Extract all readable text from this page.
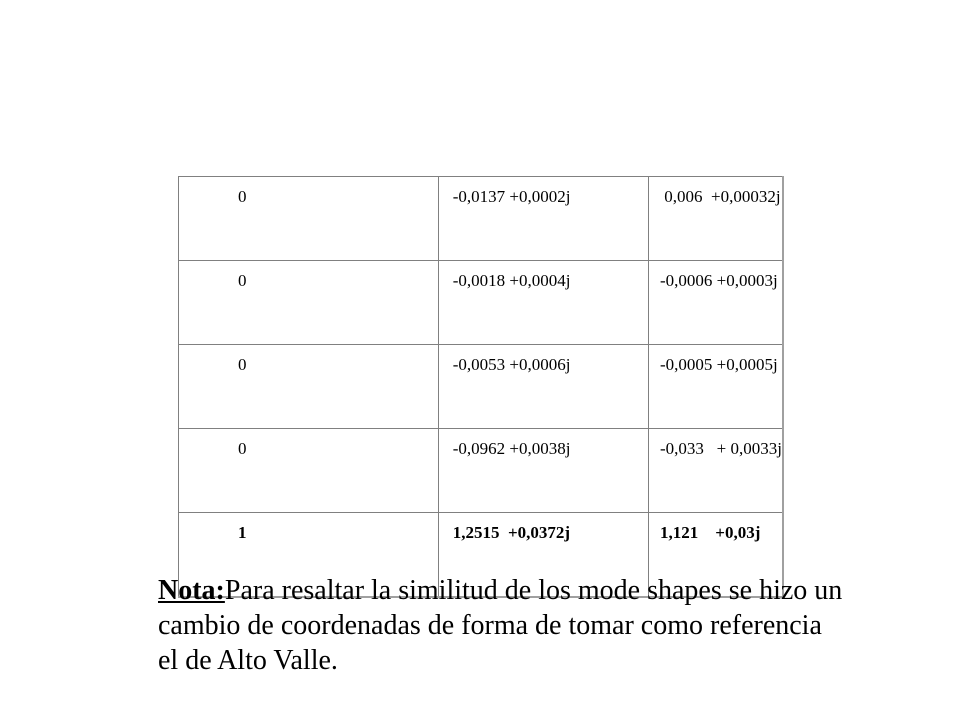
0	-0,0137 +0,0002j	0,006  +0,00032j
0	-0,0018 +0,0004j	-0,0006 +0,0003j
0	-0,0053 +0,0006j	-0,0005 +0,0005j
0	-0,0962 +0,0038j	-0,033   + 0,0033j
1	1,2515  +0,0372j	1,121    +0,03j
Nota:Para resaltar la similitud de los mode shapes se hizo un
cambio de coordenadas de forma de tomar como referencia
el de Alto Valle.
